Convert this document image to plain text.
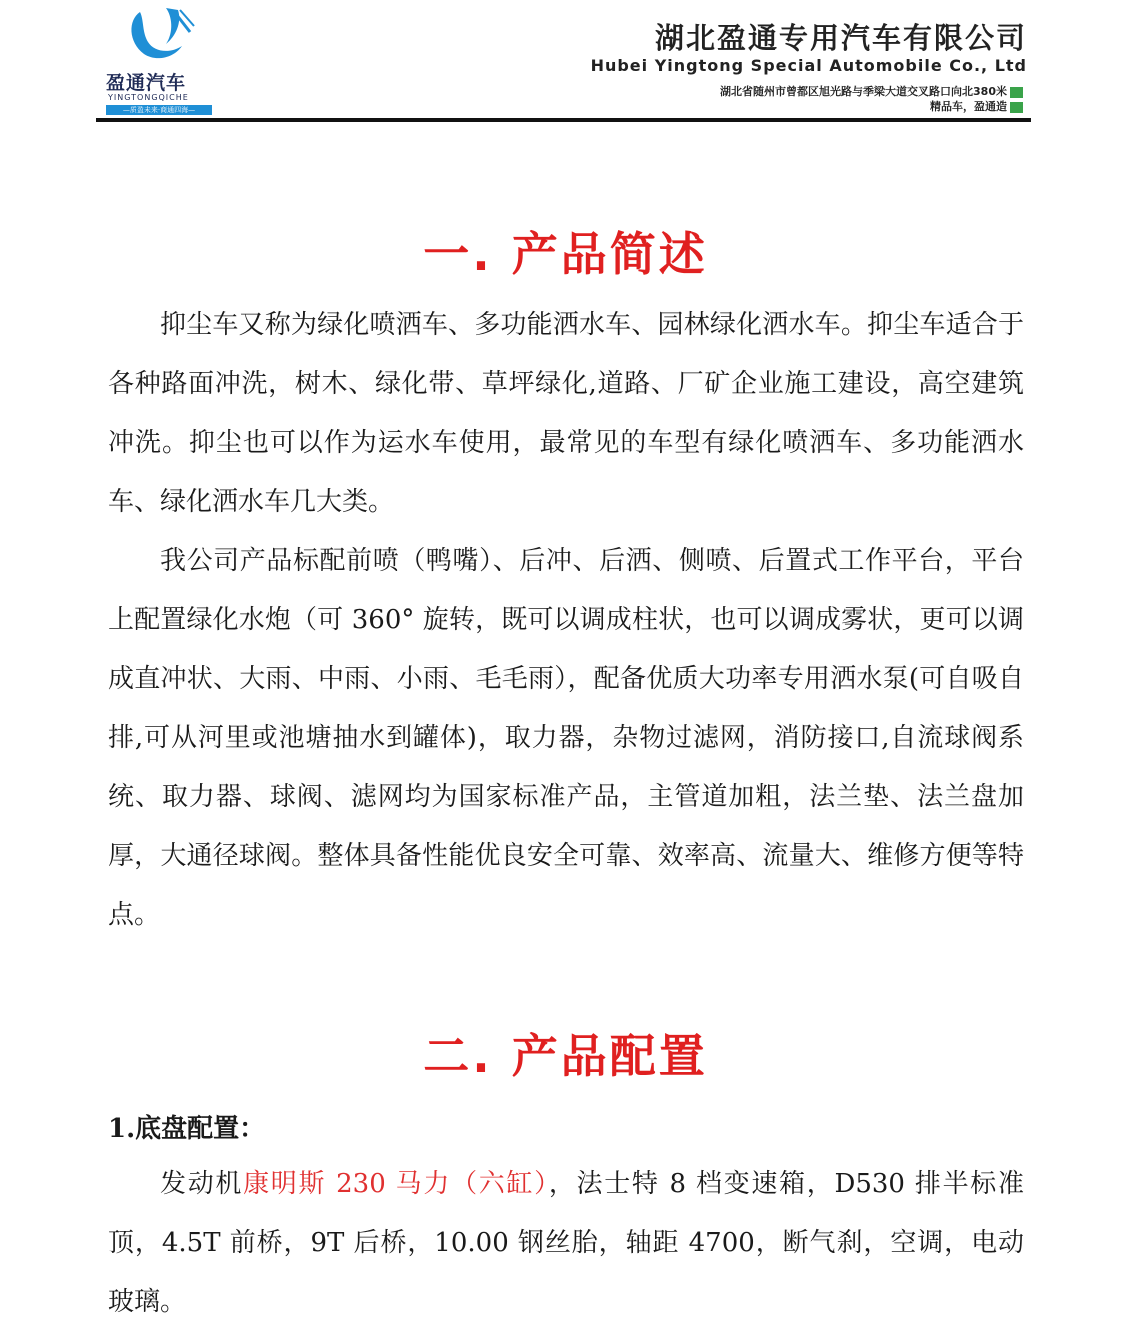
盈通汽车
YINGTONGQICHE
—质盈未来·商通四海—
湖北盈通专用汽车有限公司
Hubei Yingtong Special Automobile Co., Ltd
湖北省随州市曾都区旭光路与季梁大道交叉路口向北380米
精品车，盈通造
一. 产品简述

抑尘车又称为绿化喷洒车、多功能洒水车、园林绿化洒水车。抑尘车适合于各种路面冲洗，树木、绿化带、草坪绿化,道路、厂矿企业施工建设，高空建筑冲洗。抑尘也可以作为运水车使用，最常见的车型有绿化喷洒车、多功能洒水车、绿化洒水车几大类。

我公司产品标配前喷（鸭嘴）、后冲、后洒、侧喷、后置式工作平台，平台上配置绿化水炮（可 360° 旋转，既可以调成柱状，也可以调成雾状，更可以调成直冲状、大雨、中雨、小雨、毛毛雨），配备优质大功率专用洒水泵(可自吸自排,可从河里或池塘抽水到罐体)，取力器，杂物过滤网，消防接口,自流球阀系统、取力器、球阀、滤网均为国家标准产品，主管道加粗，法兰垫、法兰盘加厚，大通径球阀。整体具备性能优良安全可靠、效率高、流量大、维修方便等特点。

二. 产品配置

1.底盘配置：

发动机康明斯 230 马力（六缸），法士特 8 档变速箱，D530 排半标准顶，4.5T 前桥，9T 后桥，10.00 钢丝胎，轴距 4700，断气刹，空调，电动玻璃。
